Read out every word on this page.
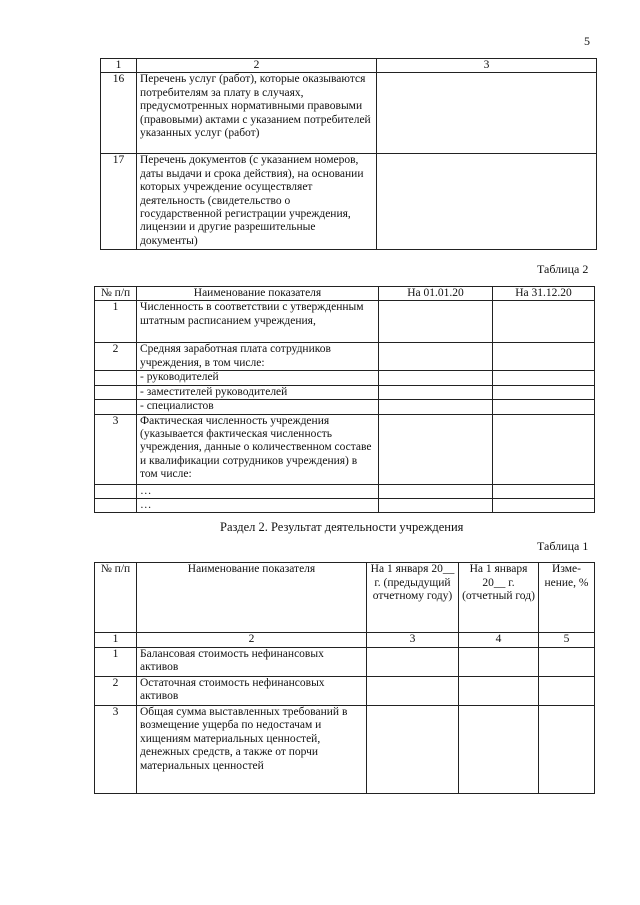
5
1	2	3
16	Перечень услуг (работ), которые оказываются потребителям за плату в случаях, предусмотренных нормативными правовыми (правовыми) актами с указанием потребителей указанных услуг (работ)	
17	Перечень документов (с указанием номеров, даты выдачи и срока действия), на основании которых учреждение осуществляет деятельность (свидетельство о государственной регистрации учреждения, лицензии и другие разрешительные документы)	
Таблица 2
№ п/п	Наименование показателя	На 01.01.20	На 31.12.20
1	Численность в соответствии с утвержденным штатным расписанием учреждения,		
2	Средняя заработная плата сотрудников учреждения, в том числе:		
	- руководителей		
	- заместителей руководителей		
	- специалистов		
3	Фактическая численность учреждения (указывается фактическая численность учреждения, данные о количественном составе и квалификации сотрудников учреждения) в том числе:		
	…		
	…		
Раздел 2. Результат деятельности учреждения
Таблица 1
№ п/п	Наименование показателя	На 1 января 20__ г. (предыдущий отчетному году)	На 1 января 20__ г. (отчетный год)	Изме-нение, %
1	2	3	4	5
1	Балансовая стоимость нефинансовых активов			
2	Остаточная стоимость нефинансовых активов			
3	Общая сумма выставленных требований в возмещение ущерба по недостачам и хищениям материальных ценностей, денежных средств, а также от порчи материальных ценностей			
